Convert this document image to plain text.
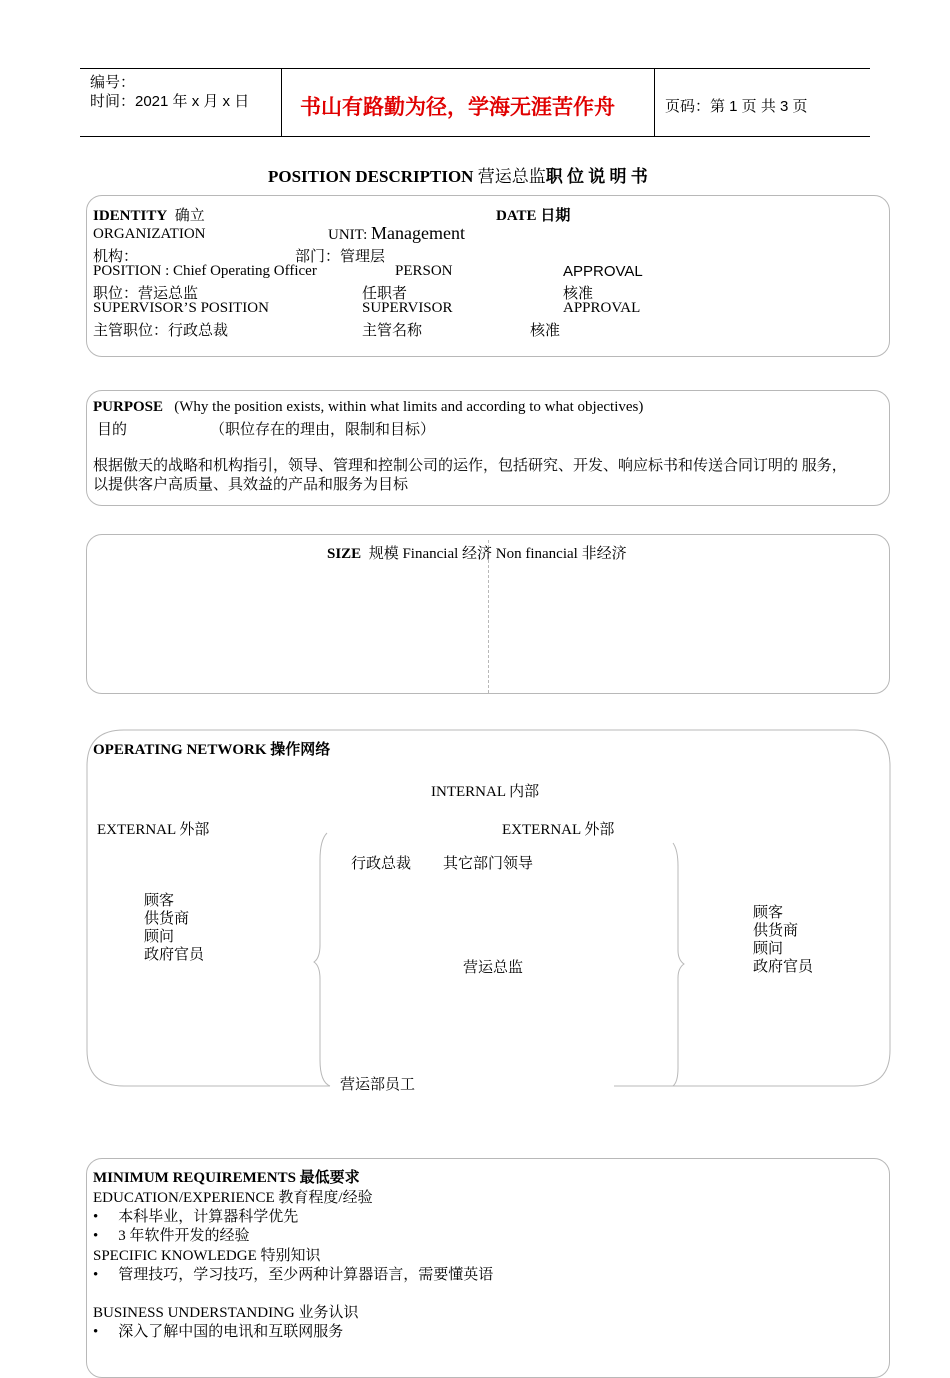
编号：
时间：2021 年 x 月 x 日 书山有路勤为径，学海无涯苦作舟	页码：第 1 页 共 3 页
POSITION DESCRIPTION 营运总监职 位 说 明 书
IDENTITY 确立	DATE 日期
ORGANIZATION	UNIT: Management
机构：	部门：管理层
POSITION : Chief Operating Officer	PERSON	APPROVAL
职位：营运总监	任职者	核准
SUPERVISOR’S POSITION	SUPERVISOR	APPROVAL
主管职位：行政总裁	主管名称	核准
PURPOSE (Why the position exists, within what limits and according to what objectives)
目的	（职位存在的理由，限制和目标）
根据傲天的战略和机构指引，领导、管理和控制公司的运作，包括研究、开发、响应标书和传送合同订明的 服务，
以提供客户高质量、具效益的产品和服务为目标
SIZE 规模 Financial 经济 Non financial 非经济
OPERATING NETWORK 操作网络
INTERNAL 内部
EXTERNAL 外部	EXTERNAL 外部
行政总裁 其它部门领导
营运总监
营运部员工
顾客
供货商
顾问
政府官员
顾客
供货商
顾问
政府官员
MINIMUM REQUIREMENTS 最低要求
EDUCATION/EXPERIENCE 教育程度/经验
• 本科毕业，计算器科学优先
• 3 年软件开发的经验
SPECIFIC KNOWLEDGE 特别知识
• 管理技巧，学习技巧，至少两种计算器语言，需要懂英语
BUSINESS UNDERSTANDING 业务认识
• 深入了解中国的电讯和互联网服务
